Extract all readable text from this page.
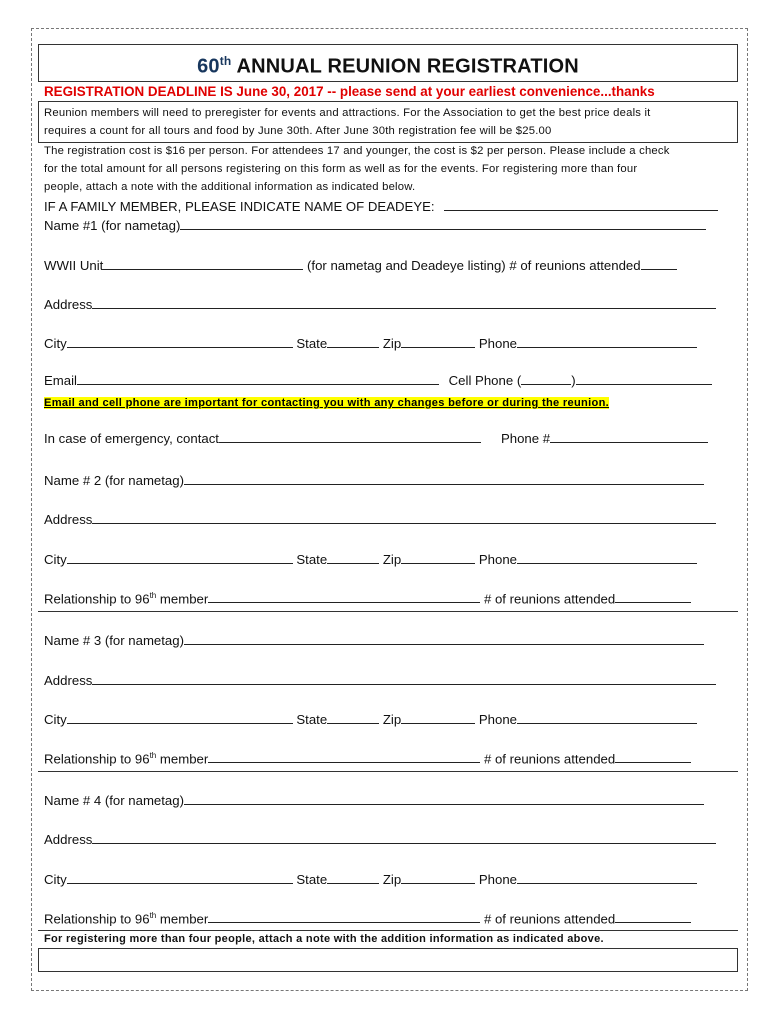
60th ANNUAL REUNION REGISTRATION
REGISTRATION DEADLINE IS June 30, 2017 -- please send at your earliest convenience...thanks
Reunion members will need to preregister for events and attractions. For the Association to get the best price deals it
requires a count for all tours and food by June 30th. After June 30th registration fee will be $25.00
The registration cost is $16 per person. For attendees 17 and younger, the cost is $2 per person. Please include a check
for the total amount for all persons registering on this form as well as for the events. For registering more than four
people, attach a note with the additional information as indicated below.
IF A FAMILY MEMBER, PLEASE INDICATE NAME OF DEADEYE:
Name #1 (for nametag)
WWII Unit	(for nametag and Deadeye listing) # of reunions attended
Address
City	State	Zip	Phone
Email	Cell Phone (	)
Email and cell phone are important for contacting you with any changes before or during the reunion.
In case of emergency, contact	Phone #
Name # 2 (for nametag)
Address
City	State	Zip	Phone
Relationship to 96th member	# of reunions attended
Name # 3 (for nametag)
Address
City	State	Zip	Phone
Relationship to 96th member	# of reunions attended
Name # 4 (for nametag)
Address
City	State	Zip	Phone
Relationship to 96th member	# of reunions attended
For registering more than four people, attach a note with the addition information as indicated above.
